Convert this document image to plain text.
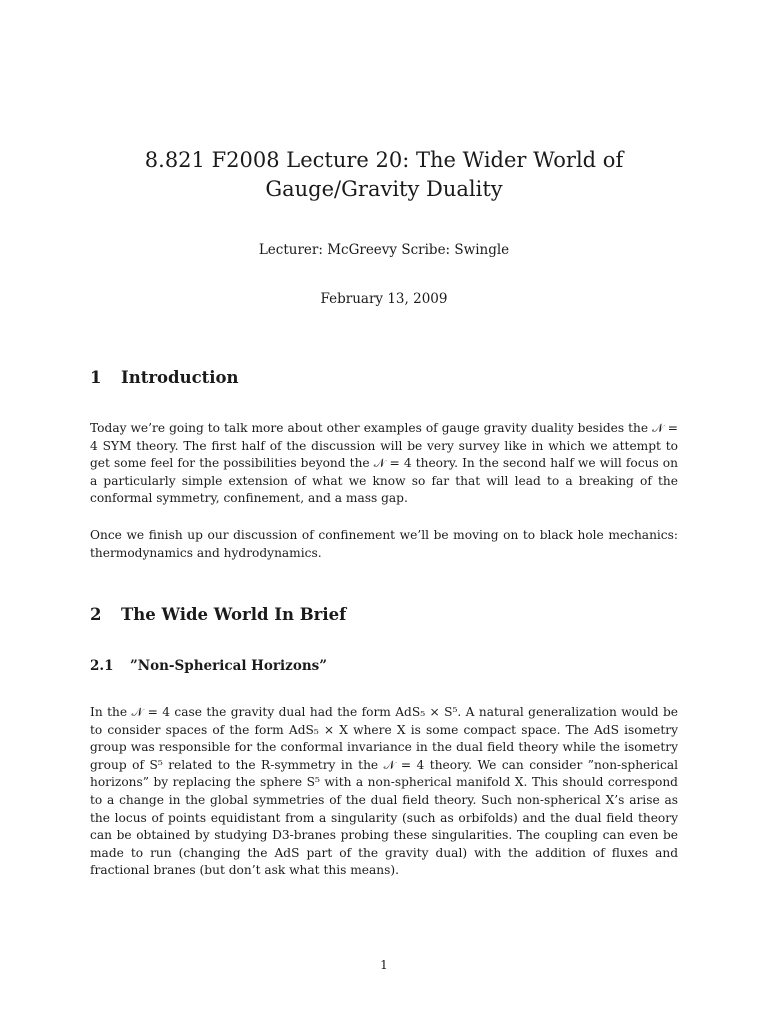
8.821 F2008 Lecture 20: The Wider World of Gauge/Gravity Duality
Lecturer: McGreevy Scribe: Swingle
February 13, 2009
1 Introduction

Today we’re going to talk more about other examples of gauge gravity duality besides the 𝒩 = 4 SYM theory. The first half of the discussion will be very survey like in which we attempt to get some feel for the possibilities beyond the 𝒩 = 4 theory. In the second half we will focus on a particularly simple extension of what we know so far that will lead to a breaking of the conformal symmetry, confinement, and a mass gap.

Once we finish up our discussion of confinement we’ll be moving on to black hole mechanics: thermodynamics and hydrodynamics.

2 The Wide World In Brief
2.1 ”Non-Spherical Horizons”

In the 𝒩 = 4 case the gravity dual had the form AdS₅ × S⁵. A natural generalization would be to consider spaces of the form AdS₅ × X where X is some compact space. The AdS isometry group was responsible for the conformal invariance in the dual field theory while the isometry group of S⁵ related to the R-symmetry in the 𝒩 = 4 theory. We can consider ”non-spherical horizons” by replacing the sphere S⁵ with a non-spherical manifold X. This should correspond to a change in the global symmetries of the dual field theory. Such non-spherical X’s arise as the locus of points equidistant from a singularity (such as orbifolds) and the dual field theory can be obtained by studying D3-branes probing these singularities. The coupling can even be made to run (changing the AdS part of the gravity dual) with the addition of fluxes and fractional branes (but don’t ask what this means).

1
